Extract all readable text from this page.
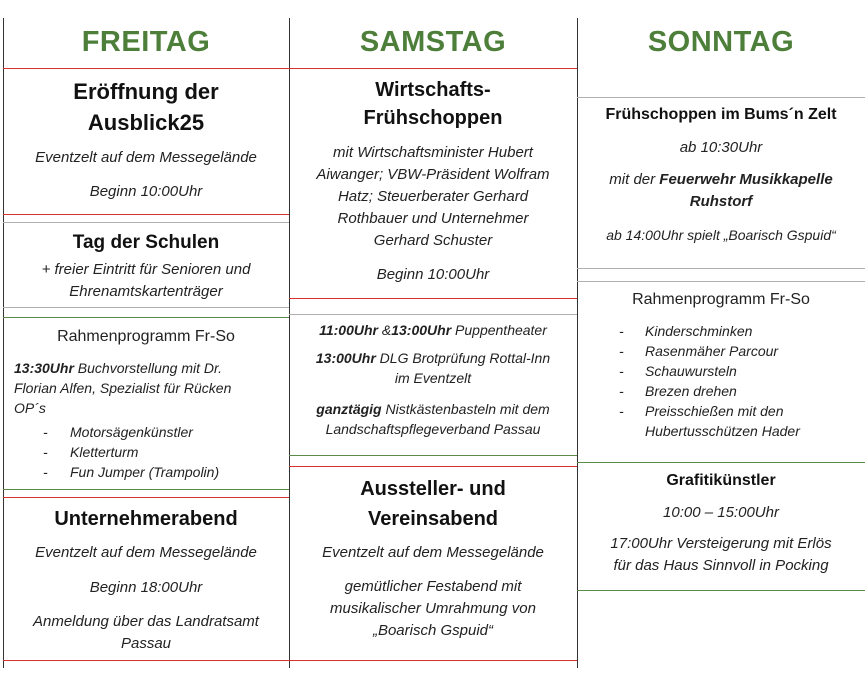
FREITAG	SAMSTAG	SONNTAG
Eröffnung der
Ausblick25
Eventzelt auf dem Messegelände
Beginn 10:00Uhr
Tag der Schulen
+ freier Eintritt für Senioren und
Ehrenamtskartenträger
Rahmenprogramm Fr-So
13:30Uhr Buchvorstellung mit Dr.
Florian Alfen, Spezialist für Rücken
OP´s
- Motorsägenkünstler
- Kletterturm
- Fun Jumper (Trampolin)
Unternehmerabend
Eventzelt auf dem Messegelände
Beginn 18:00Uhr
Anmeldung über das Landratsamt
Passau
Wirtschafts-
Frühschoppen
mit Wirtschaftsminister Hubert
Aiwanger; VBW-Präsident Wolfram
Hatz; Steuerberater Gerhard
Rothbauer und Unternehmer
Gerhard Schuster
Beginn 10:00Uhr
11:00Uhr &13:00Uhr Puppentheater
13:00Uhr DLG Brotprüfung Rottal-Inn
im Eventzelt
ganztägig Nistkästenbasteln mit dem
Landschaftspflegeverband Passau
Aussteller- und
Vereinsabend
Eventzelt auf dem Messegelände
gemütlicher Festabend mit
musikalischer Umrahmung von
„Boarisch Gspuid“
Frühschoppen im Bums´n Zelt
ab 10:30Uhr
mit der Feuerwehr Musikkapelle
Ruhstorf
ab 14:00Uhr spielt „Boarisch Gspuid“
Rahmenprogramm Fr-So
- Kinderschminken
- Rasenmäher Parcour
- Schauwursteln
- Brezen drehen
- Preisschießen mit den
Hubertusschützen Hader
Grafitikünstler
10:00 – 15:00Uhr
17:00Uhr Versteigerung mit Erlös
für das Haus Sinnvoll in Pocking
